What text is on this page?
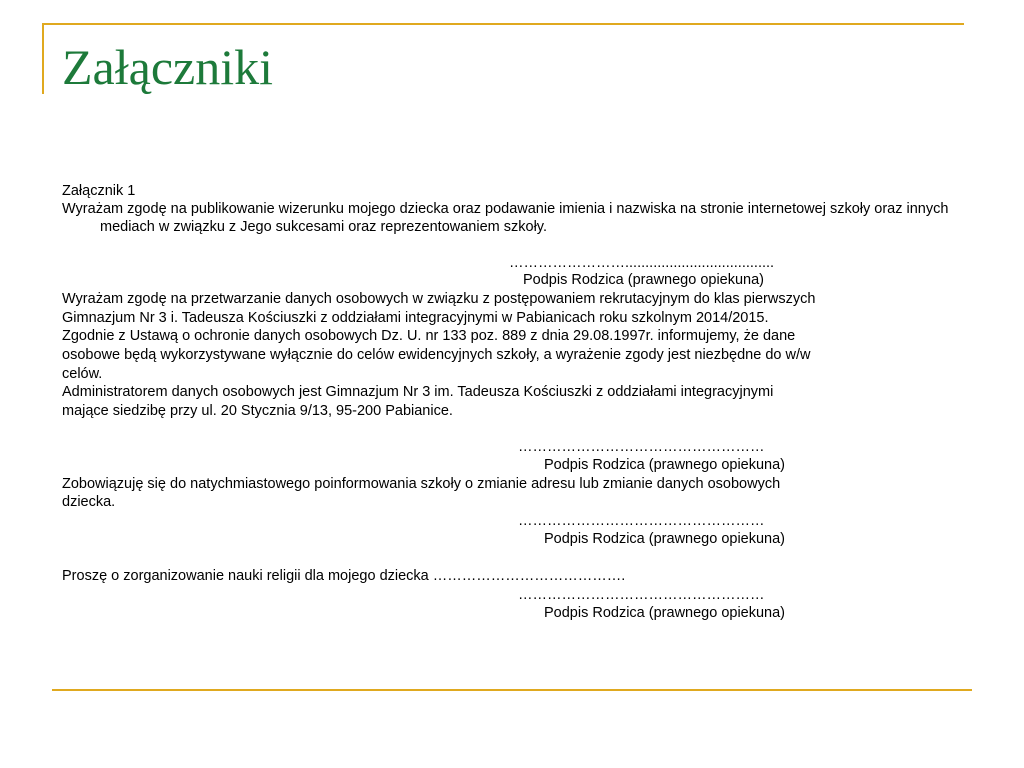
Załączniki

Załącznik 1

Wyrażam zgodę na publikowanie wizerunku mojego dziecka oraz podawanie imienia i nazwiska na stronie internetowej szkoły oraz innych mediach w związku z Jego sukcesami oraz reprezentowaniem szkoły.

…………………….....................................

Podpis Rodzica (prawnego opiekuna)

Wyrażam zgodę na przetwarzanie danych osobowych w związku z postępowaniem rekrutacyjnym do klas pierwszych

Gimnazjum Nr 3 i. Tadeusza Kościuszki z oddziałami integracyjnymi w Pabianicach roku szkolnym 2014/2015.

Zgodnie z Ustawą o ochronie danych osobowych Dz. U. nr 133 poz. 889 z dnia 29.08.1997r. informujemy, że dane

osobowe będą wykorzystywane wyłącznie do celów ewidencyjnych szkoły, a wyrażenie zgody jest niezbędne do w/w

celów.

Administratorem danych osobowych jest Gimnazjum Nr 3 im. Tadeusza Kościuszki z oddziałami integracyjnymi

mające siedzibę przy ul. 20 Stycznia 9/13, 95-200 Pabianice.

……………………………………………

Podpis Rodzica (prawnego opiekuna)

Zobowiązuję się do natychmiastowego poinformowania szkoły o zmianie adresu lub zmianie danych osobowych

dziecka.

……………………………………………

Podpis Rodzica (prawnego opiekuna)

Proszę o zorganizowanie nauki religii dla mojego dziecka ………………………………….

……………………………………………

Podpis Rodzica (prawnego opiekuna)
